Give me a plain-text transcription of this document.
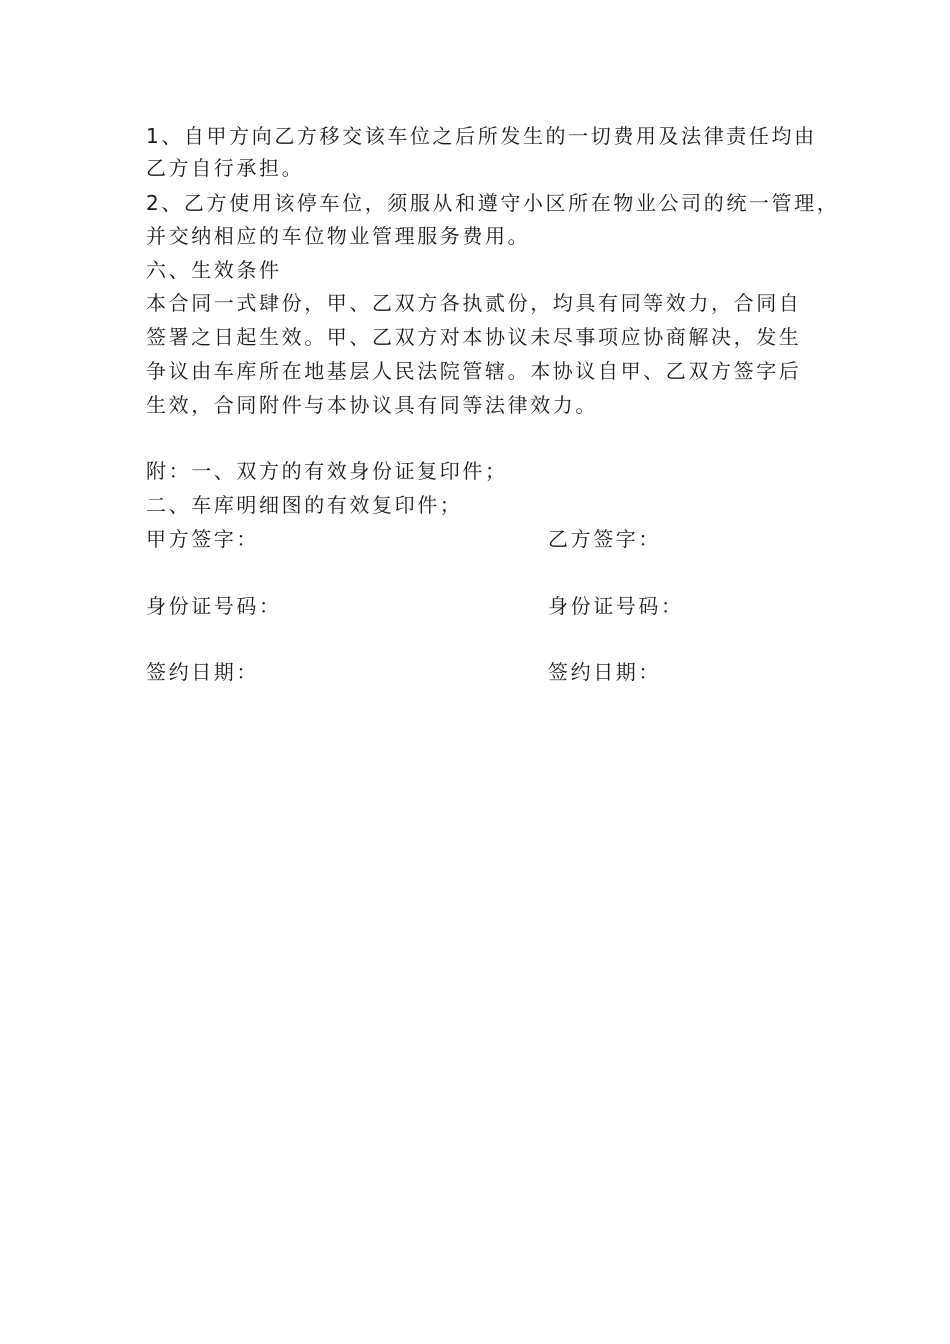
1、自甲方向乙方移交该车位之后所发生的一切费用及法律责任均由
乙方自行承担。
2、乙方使用该停车位，须服从和遵守小区所在物业公司的统一管理，
并交纳相应的车位物业管理服务费用。
六、生效条件
本合同一式肆份，甲、乙双方各执贰份，均具有同等效力，合同自
签署之日起生效。甲、乙双方对本协议未尽事项应协商解决，发生
争议由车库所在地基层人民法院管辖。本协议自甲、乙双方签字后
生效，合同附件与本协议具有同等法律效力。
附：一、双方的有效身份证复印件；
二、车库明细图的有效复印件；
甲方签字：	乙方签字：
身份证号码：	身份证号码：
签约日期：	签约日期：
